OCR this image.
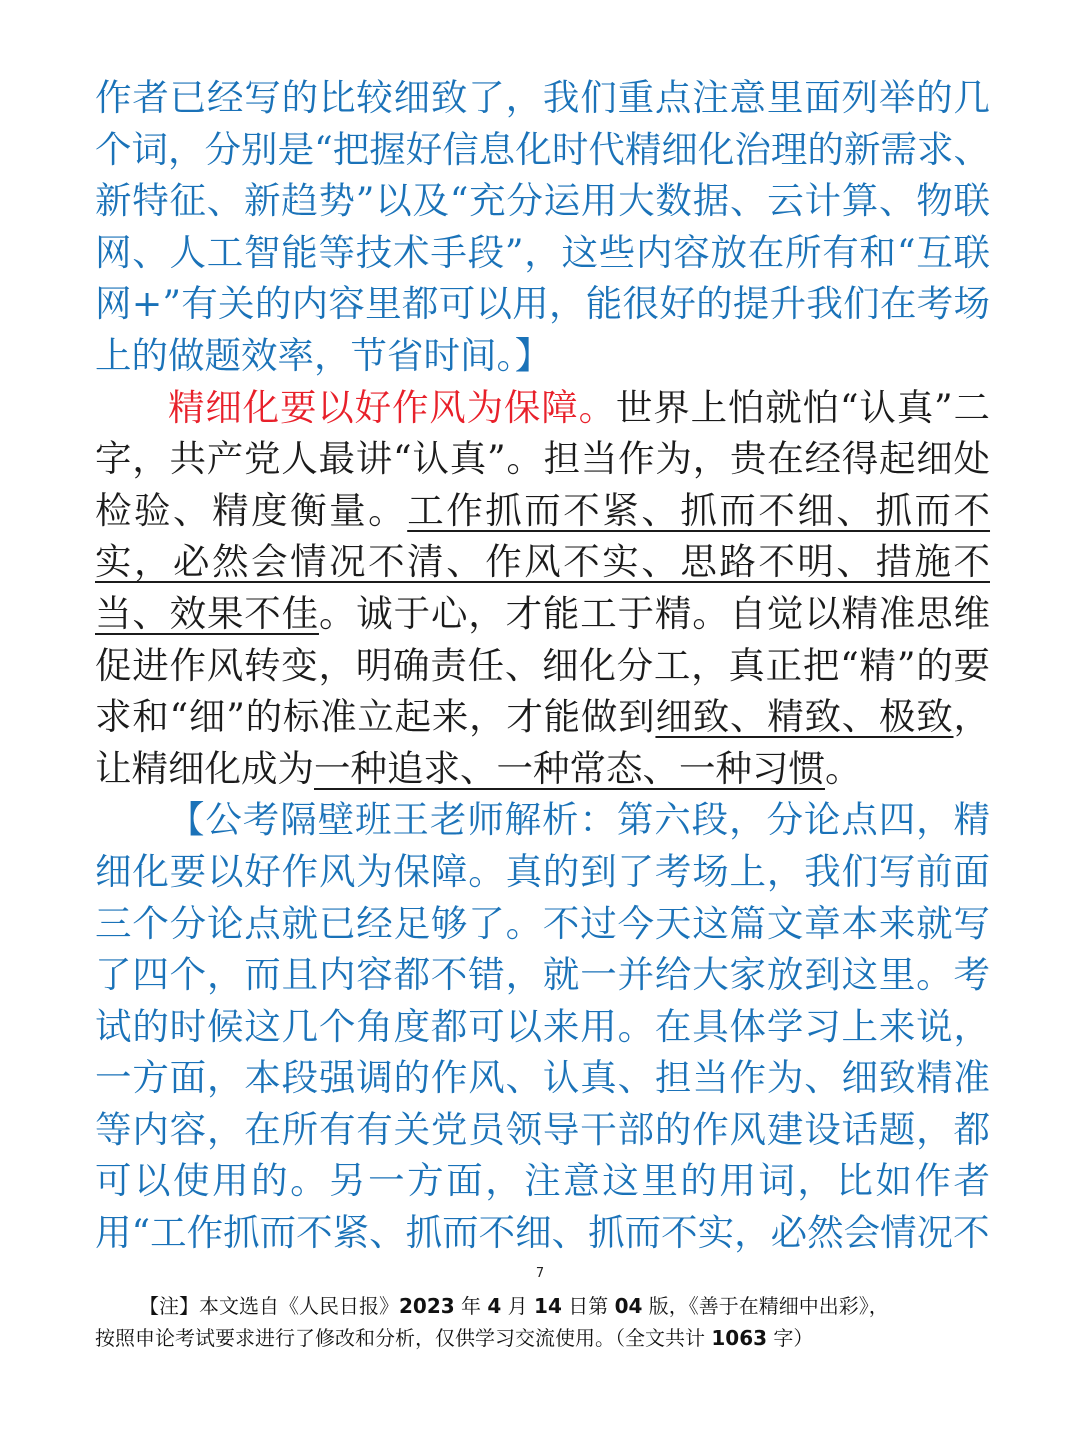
作者已经写的比较细致了，我们重点注意里面列举的几个词，分别是“把握好信息化时代精细化治理的新需求、新特征、新趋势”以及“充分运用大数据、云计算、物联网、人工智能等技术手段”，这些内容放在所有和“互联网+”有关的内容里都可以用，能很好的提升我们在考场上的做题效率，节省时间。】

精细化要以好作风为保障。世界上怕就怕“认真”二字，共产党人最讲“认真”。担当作为，贵在经得起细处检验、精度衡量。工作抓而不紧、抓而不细、抓而不实，必然会情况不清、作风不实、思路不明、措施不当、效果不佳。诚于心，才能工于精。自觉以精准思维促进作风转变，明确责任、细化分工，真正把“精”的要求和“细”的标准立起来，才能做到细致、精致、极致，让精细化成为一种追求、一种常态、一种习惯。

【公考隔壁班王老师解析：第六段，分论点四，精细化要以好作风为保障。真的到了考场上，我们写前面三个分论点就已经足够了。不过今天这篇文章本来就写了四个，而且内容都不错，就一并给大家放到这里。考试的时候这几个角度都可以来用。在具体学习上来说，一方面，本段强调的作风、认真、担当作为、细致精准等内容，在所有有关党员领导干部的作风建设话题，都可以使用的。另一方面，注意这里的用词，比如作者用“工作抓而不紧、抓而不细、抓而不实，必然会情况不

7
【注】本文选自《人民日报》2023 年 4 月 14 日第 04 版，《善于在精细中出彩》，
按照申论考试要求进行了修改和分析，仅供学习交流使用。（全文共计 1063 字）
